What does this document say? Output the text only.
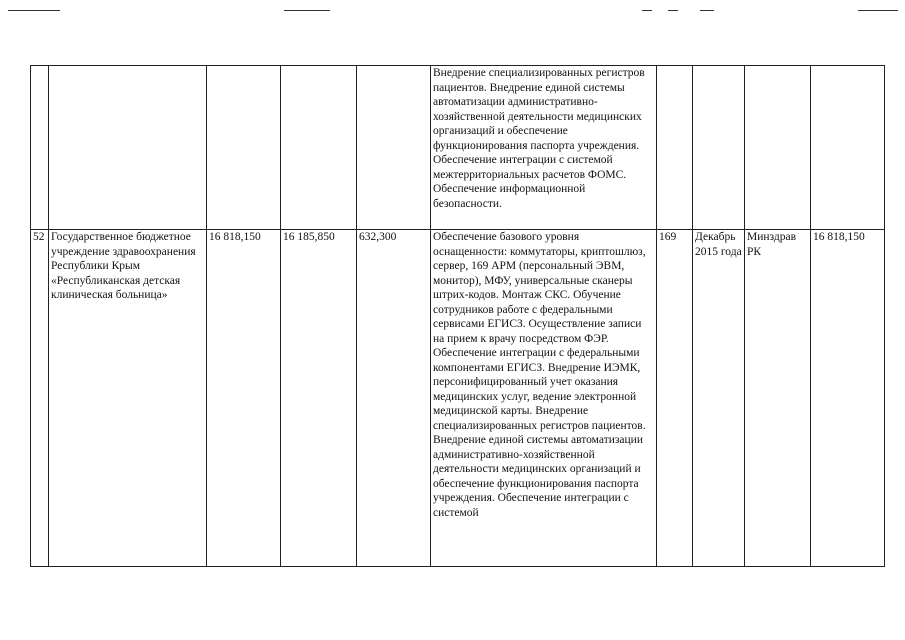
					Внедрение специализированных регистров пациентов. Внедрение единой системы автоматизации административно-хозяйственной деятельности медицинских организаций и обеспечение функционирования паспорта учреждения. Обеспечение интеграции с системой межтерриториальных расчетов ФОМС. Обеспечение информационной безопасности.				
52	Государственное бюджетное учреждение здравоохранения Республики Крым «Республиканская детская клиническая больница»	16 818,150	16 185,850	632,300	Обеспечение базового уровня оснащенности: коммутаторы, криптошлюз, сервер, 169 АРМ (персональный ЭВМ, монитор), МФУ, универсальные сканеры штрих-кодов. Монтаж СКС. Обучение сотрудников работе с федеральными сервисами ЕГИСЗ. Осуществление записи на прием к врачу посредством ФЭР. Обеспечение интеграции с федеральными компонентами ЕГИСЗ. Внедрение ИЭМК, персонифицированный учет оказания медицинских услуг, ведение электронной медицинской карты. Внедрение специализированных регистров пациентов. Внедрение единой системы автоматизации административно-хозяйственной деятельности медицинских организаций и обеспечение функционирования паспорта учреждения. Обеспечение интеграции с системой	169	Декабрь 2015 года	Минздрав РК	16 818,150
